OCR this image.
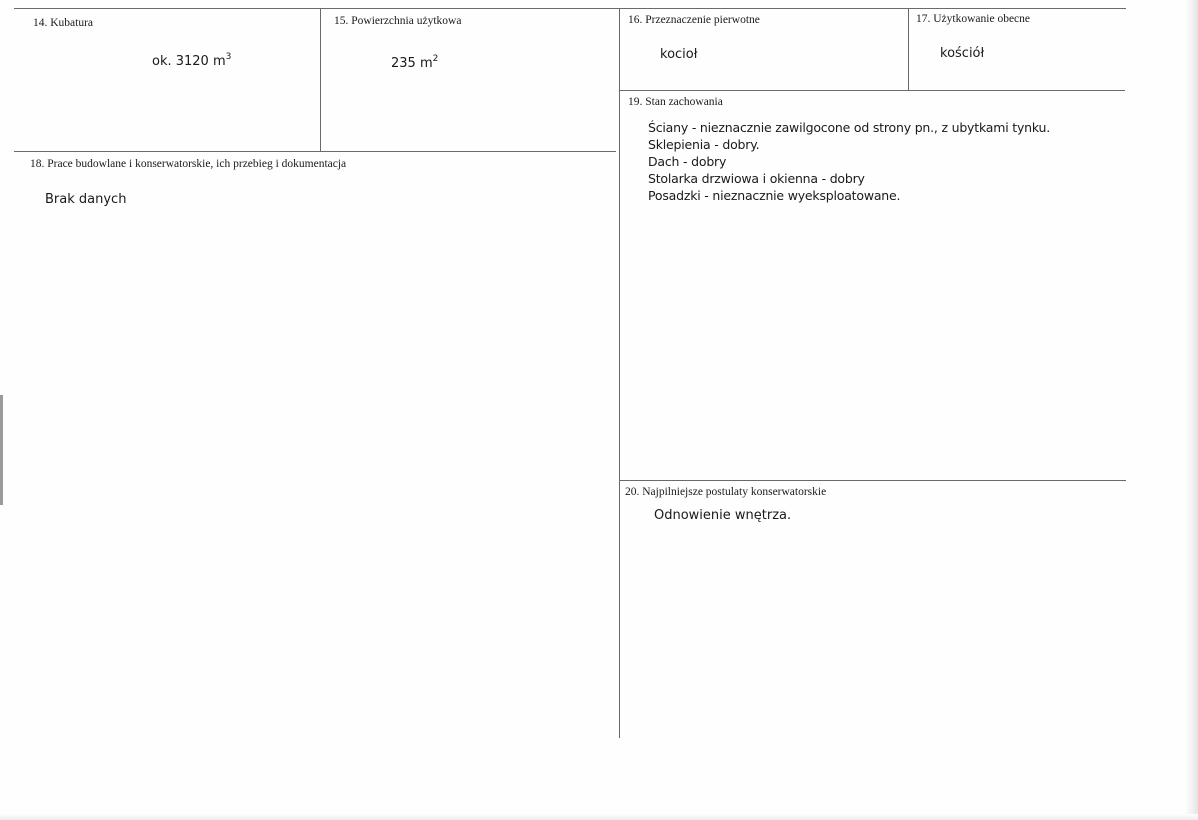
14. Kubatura
ok. 3120 $m^3$
15. Powierzchnia użytkowa
235 $m^2$
16. Przeznaczenie pierwotne
kocioł
17. Użytkowanie obecne
kościół
18. Prace budowlane i konserwatorskie, ich przebieg i dokumentacja
Brak danych
19. Stan zachowania
Ściany - nieznacznie zawilgocone od strony pn., z ubytkami tynku.
Sklepienia - dobry.
Dach - dobry
Stolarka drzwiowa i okienna - dobry
Posadzki - nieznacznie wyeksploatowane.
20. Najpilniejsze postulaty konserwatorskie
Odnowienie wnętrza.
